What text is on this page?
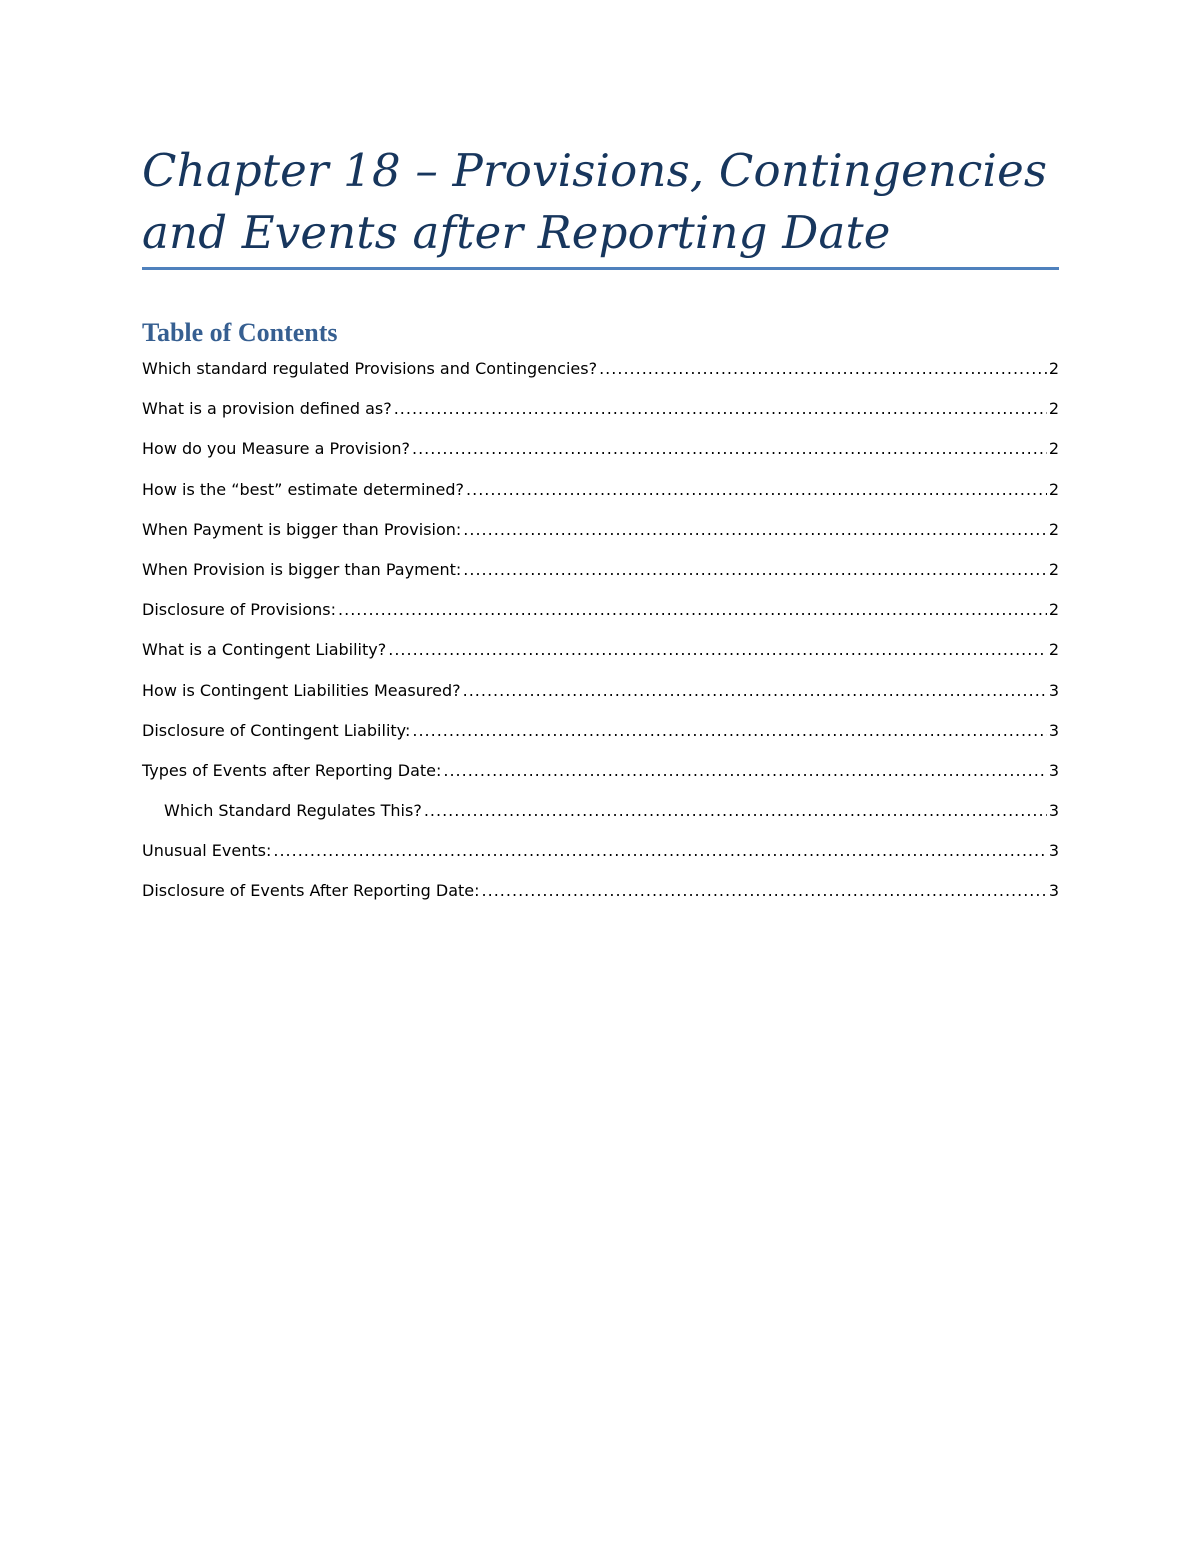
Chapter 18 – Provisions, Contingencies and Events after Reporting Date
Table of Contents
Which standard regulated Provisions and Contingencies? .....	2
What is a provision defined as? .....	2
How do you Measure a Provision? .....	2
How is the “best” estimate determined? .....	2
When Payment is bigger than Provision: .....	2
When Provision is bigger than Payment: .....	2
Disclosure of Provisions: .....	2
What is a Contingent Liability? .....	2
How is Contingent Liabilities Measured? .....	3
Disclosure of Contingent Liability: .....	3
Types of Events after Reporting Date: .....	3
Which Standard Regulates This? .....	3
Unusual Events: .....	3
Disclosure of Events After Reporting Date: .....	3
